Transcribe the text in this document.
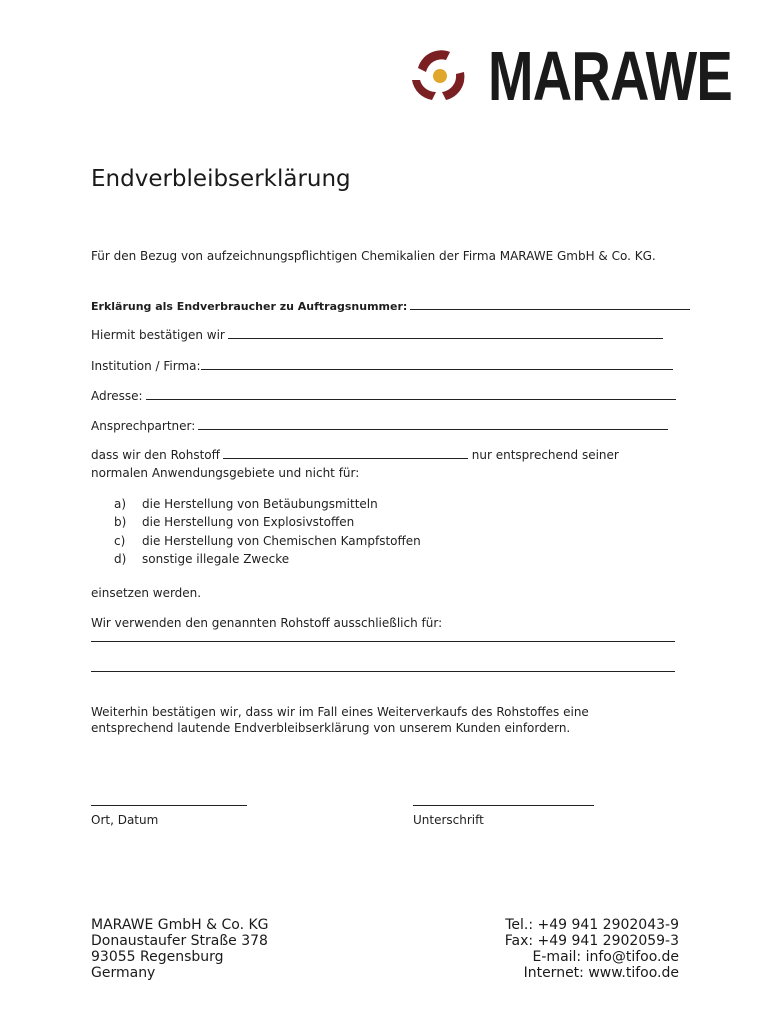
MARAWE
Endverbleibserklärung
Für den Bezug von aufzeichnungspflichtigen Chemikalien der Firma MARAWE GmbH & Co. KG.
Erklärung als Endverbraucher zu Auftragsnummer:
Hiermit bestätigen wir
Institution / Firma:
Adresse:
Ansprechpartner:
dass wir den Rohstoff	nur entsprechend seiner
normalen Anwendungsgebiete und nicht für:
a) die Herstellung von Betäubungsmitteln
b) die Herstellung von Explosivstoffen
c) die Herstellung von Chemischen Kampfstoffen
d) sonstige illegale Zwecke
einsetzen werden.
Wir verwenden den genannten Rohstoff ausschließlich für:
Weiterhin bestätigen wir, dass wir im Fall eines Weiterverkaufs des Rohstoffes eine
entsprechend lautende Endverbleibserklärung von unserem Kunden einfordern.
Ort, Datum	Unterschrift
MARAWE GmbH & Co. KG
Donaustaufer Straße 378
93055 Regensburg
Germany
Tel.: +49 941 2902043-9
Fax: +49 941 2902059-3
E-mail: info@tifoo.de
Internet: www.tifoo.de
